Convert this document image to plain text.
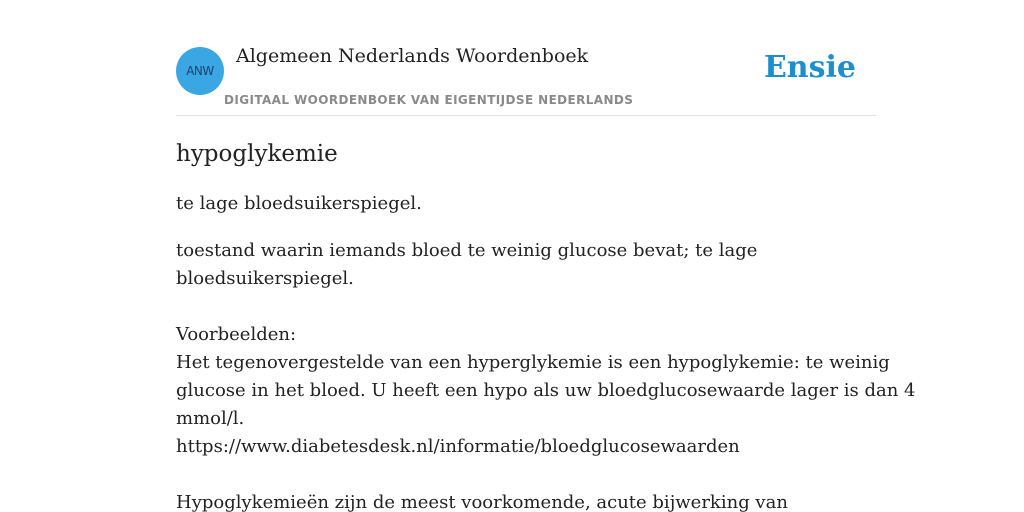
ANW
Algemeen Nederlands Woordenboek
DIGITAAL WOORDENBOEK VAN EIGENTIJDSE NEDERLANDS
Ensie
hypoglykemie

te lage bloedsuikerspiegel.

toestand waarin iemands bloed te weinig glucose bevat; te lage
bloedsuikerspiegel.
Voorbeelden:
Het tegenovergestelde van een hyperglykemie is een hypoglykemie: te weinig
glucose in het bloed. U heeft een hypo als uw bloedglucosewaarde lager is dan 4
mmol/l.
https://www.diabetesdesk.nl/informatie/bloedglucosewaarden
Hypoglykemieën zijn de meest voorkomende, acute bijwerking van
